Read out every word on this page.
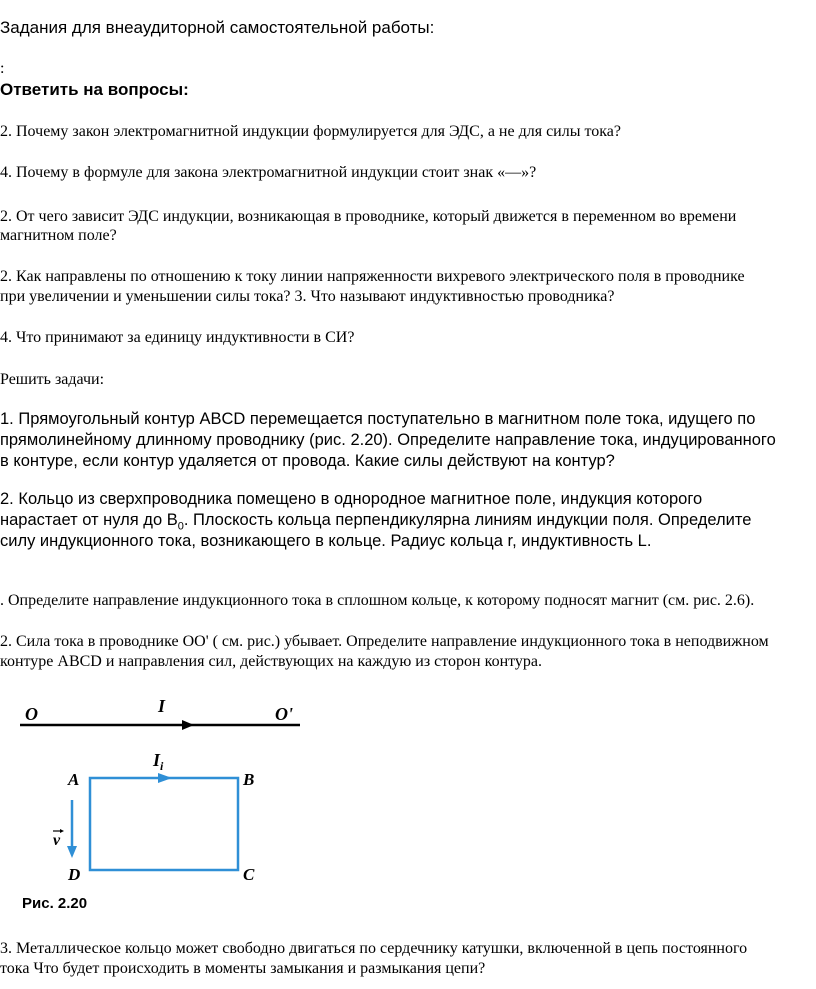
Задания для внеаудиторной самостоятельной работы:
:
Ответить на вопросы:
2. Почему закон электромагнитной индукции формулируется для ЭДС, а не для силы тока?
4. Почему в формуле для закона электромагнитной индукции стоит знак «—»?
2. От чего зависит ЭДС индукции, возникающая в проводнике, который движется в переменном во времени
магнитном поле?
2. Как направлены по отношению к току линии напряженности вихревого электрического поля в проводнике
при увеличении и уменьшении силы тока? 3. Что называют индуктивностью проводника?
4. Что принимают за единицу индуктивности в СИ?
Решить задачи:
1. Прямоугольный контур ABCD перемещается поступательно в магнитном поле тока, идущего по
прямолинейному длинному проводнику (рис. 2.20). Определите направление тока, индуцированного
в контуре, если контур удаляется от провода. Какие силы действуют на контур?
2. Кольцо из сверхпроводника помещено в однородное магнитное поле, индукция которого
нарастает от нуля до $B_0$. Плоскость кольца перпендикулярна линиям индукции поля. Определите
силу индукционного тока, возникающего в кольце. Радиус кольца r, индуктивность L.
. Определите направление индукционного тока в сплошном кольце, к которому подносят магнит (см. рис. 2.6).
2. Сила тока в проводнике OO' ( см. рис.) убывает. Определите направление индукционного тока в неподвижном
контуре ABCD и направления сил, действующих на каждую из сторон контура.
O	O'
I
$I_i$
A	B
C
D
v
Рис. 2.20
3. Металлическое кольцо может свободно двигаться по сердечнику катушки, включенной в цепь постоянного
тока Что будет происходить в моменты замыкания и размыкания цепи?
